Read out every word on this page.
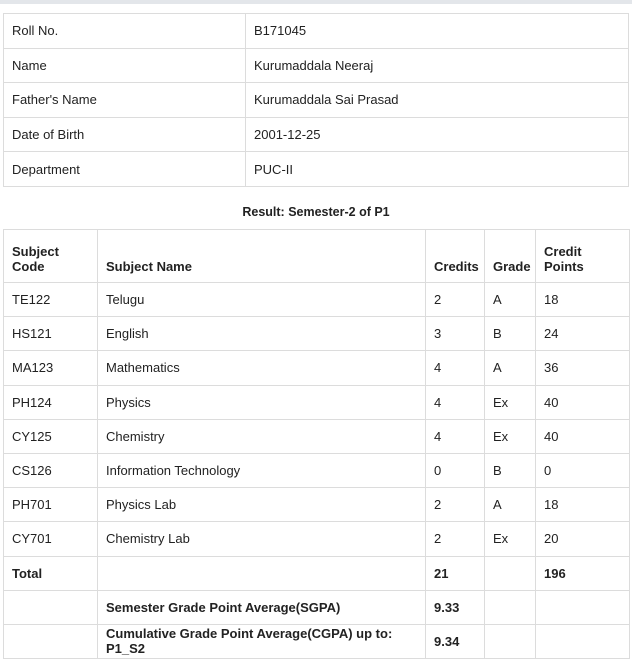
Roll No.	B171045
Name	Kurumaddala Neeraj
Father's Name	Kurumaddala Sai Prasad
Date of Birth	2001-12-25
Department	PUC-II
Result: Semester-2 of P1
Subject
Code	Subject Name	Credits	Grade	Credit Points
TE122	Telugu	2	A	18
HS121	English	3	B	24
MA123	Mathematics	4	A	36
PH124	Physics	4	Ex	40
CY125	Chemistry	4	Ex	40
CS126	Information Technology	0	B	0
PH701	Physics Lab	2	A	18
CY701	Chemistry Lab	2	Ex	20
Total		21		196
	Semester Grade Point Average(SGPA)	9.33		
	Cumulative Grade Point Average(CGPA) up to: P1_S2	9.34		
